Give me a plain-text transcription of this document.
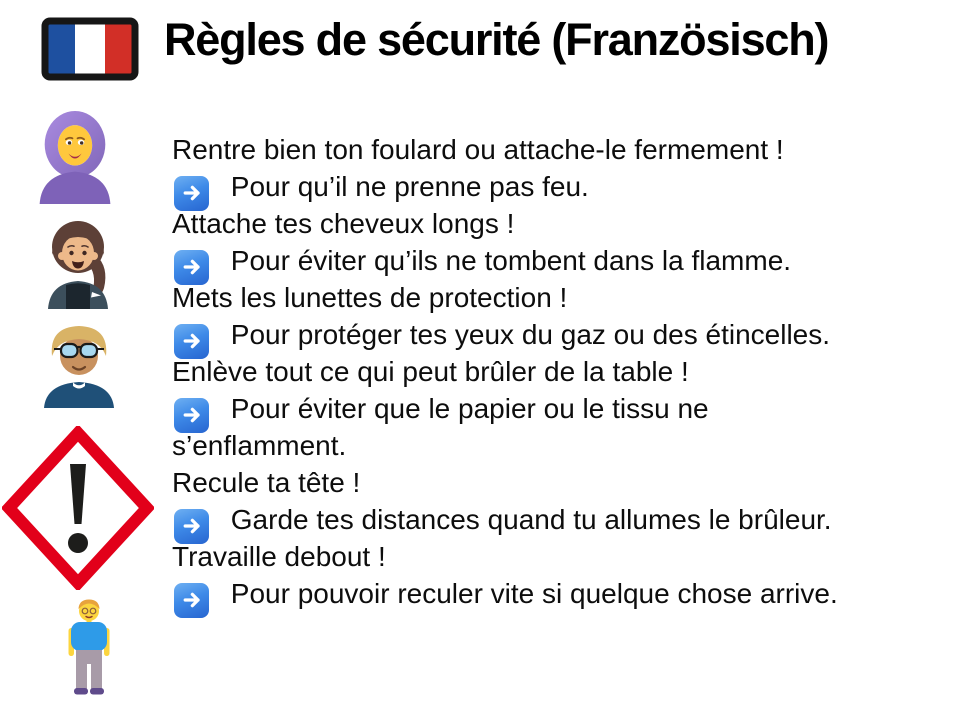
Règles de sécurité (Französisch)
Rentre bien ton foulard ou attache-le fermement !
Pour qu’il ne prenne pas feu.
Attache tes cheveux longs !
Pour éviter qu’ils ne tombent dans la flamme.
Mets les lunettes de protection !
Pour protéger tes yeux du gaz ou des étincelles.
Enlève tout ce qui peut brûler de la table !
Pour éviter que le papier ou le tissu ne
s’enflamment.
Recule ta tête !
Garde tes distances quand tu allumes le brûleur.
Travaille debout !
Pour pouvoir reculer vite si quelque chose arrive.
